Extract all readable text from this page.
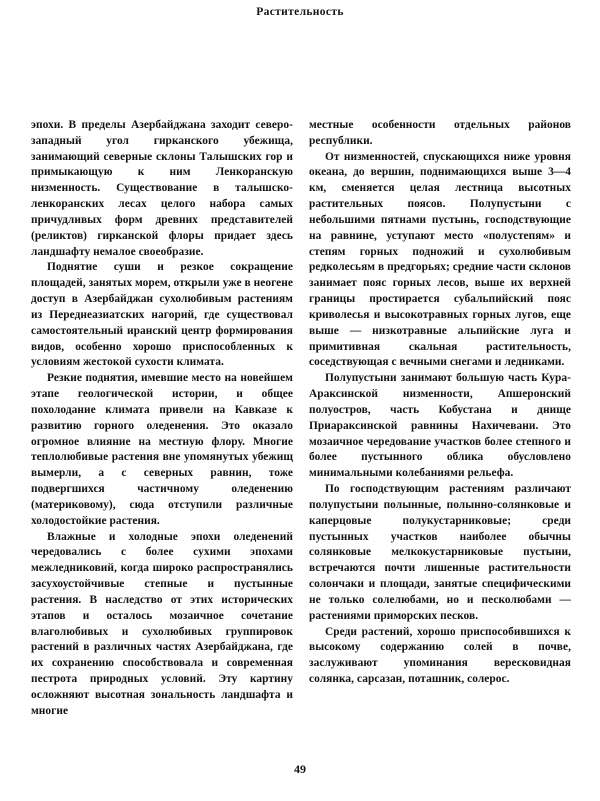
Растительность

эпохи. В пределы Азербайджана заходит северо-западный угол гирканского убежища, занимающий северные склоны Талышских гор и примыкающую к ним Ленкоранскую низменность. Существование в талышско-ленкоранских лесах целого набора самых причудливых форм древних представителей (реликтов) гирканской флоры придает здесь ландшафту немалое своеобразие.

Поднятие суши и резкое сокращение площадей, занятых морем, открыли уже в неогене доступ в Азербайджан сухолюбивым растениям из Переднеазиатских нагорий, где существовал самостоятельный иранский центр формирования видов, особенно хорошо приспособленных к условиям жестокой сухости климата.

Резкие поднятия, имевшие место на новейшем этапе геологической истории, и общее похолодание климата привели на Кавказе к развитию горного оледенения. Это оказало огромное влияние на местную флору. Многие теплолюбивые растения вне упомянутых убежищ вымерли, а с северных равнин, тоже подвергшихся частичному оледенению (материковому), сюда отступили различные холодостойкие растения.

Влажные и холодные эпохи оледенений чередовались с более сухими эпохами межледниковий, когда широко распространялись засухоустойчивые степные и пустынные растения. В наследство от этих исторических этапов и осталось мозаичное сочетание влаголюбивых и сухолюбивых группировок растений в различных частях Азербайджана, где их сохранению способствовала и современная пестрота природных условий. Эту картину осложняют высотная зональность ландшафта и многие

местные особенности отдельных районов республики.

От низменностей, спускающихся ниже уровня океана, до вершин, поднимающихся выше 3—4 км, сменяется целая лестница высотных растительных поясов. Полупустыни с небольшими пятнами пустынь, господствующие на равнине, уступают место «полустепям» и степям горных подножий и сухолюбивым редколесьям в предгорьях; средние части склонов занимает пояс горных лесов, выше их верхней границы простирается субальпийский пояс криволесья и высокотравных горных лугов, еще выше — низкотравные альпийские луга и примитивная скальная растительность, соседствующая с вечными снегами и ледниками.

Полупустыни занимают большую часть Кура-Араксинской низменности, Апшеронский полуостров, часть Кобустана и днище Приараксинской равнины Нахичевани. Это мозаичное чередование участков более степного и более пустынного облика обусловлено минимальными колебаниями рельефа.

По господствующим растениям различают полупустыни полынные, полынно-солянковые и каперцовые полукустарниковые; среди пустынных участков наиболее обычны солянковые мелкокустарниковые пустыни, встречаются почти лишенные растительности солончаки и площади, занятые специфическими не только солелюбами, но и песколюбами — растениями приморских песков.

Среди растений, хорошо приспособившихся к высокому содержанию солей в почве, заслуживают упоминания вересковидная солянка, сарсазан, поташник, солерос.

49
